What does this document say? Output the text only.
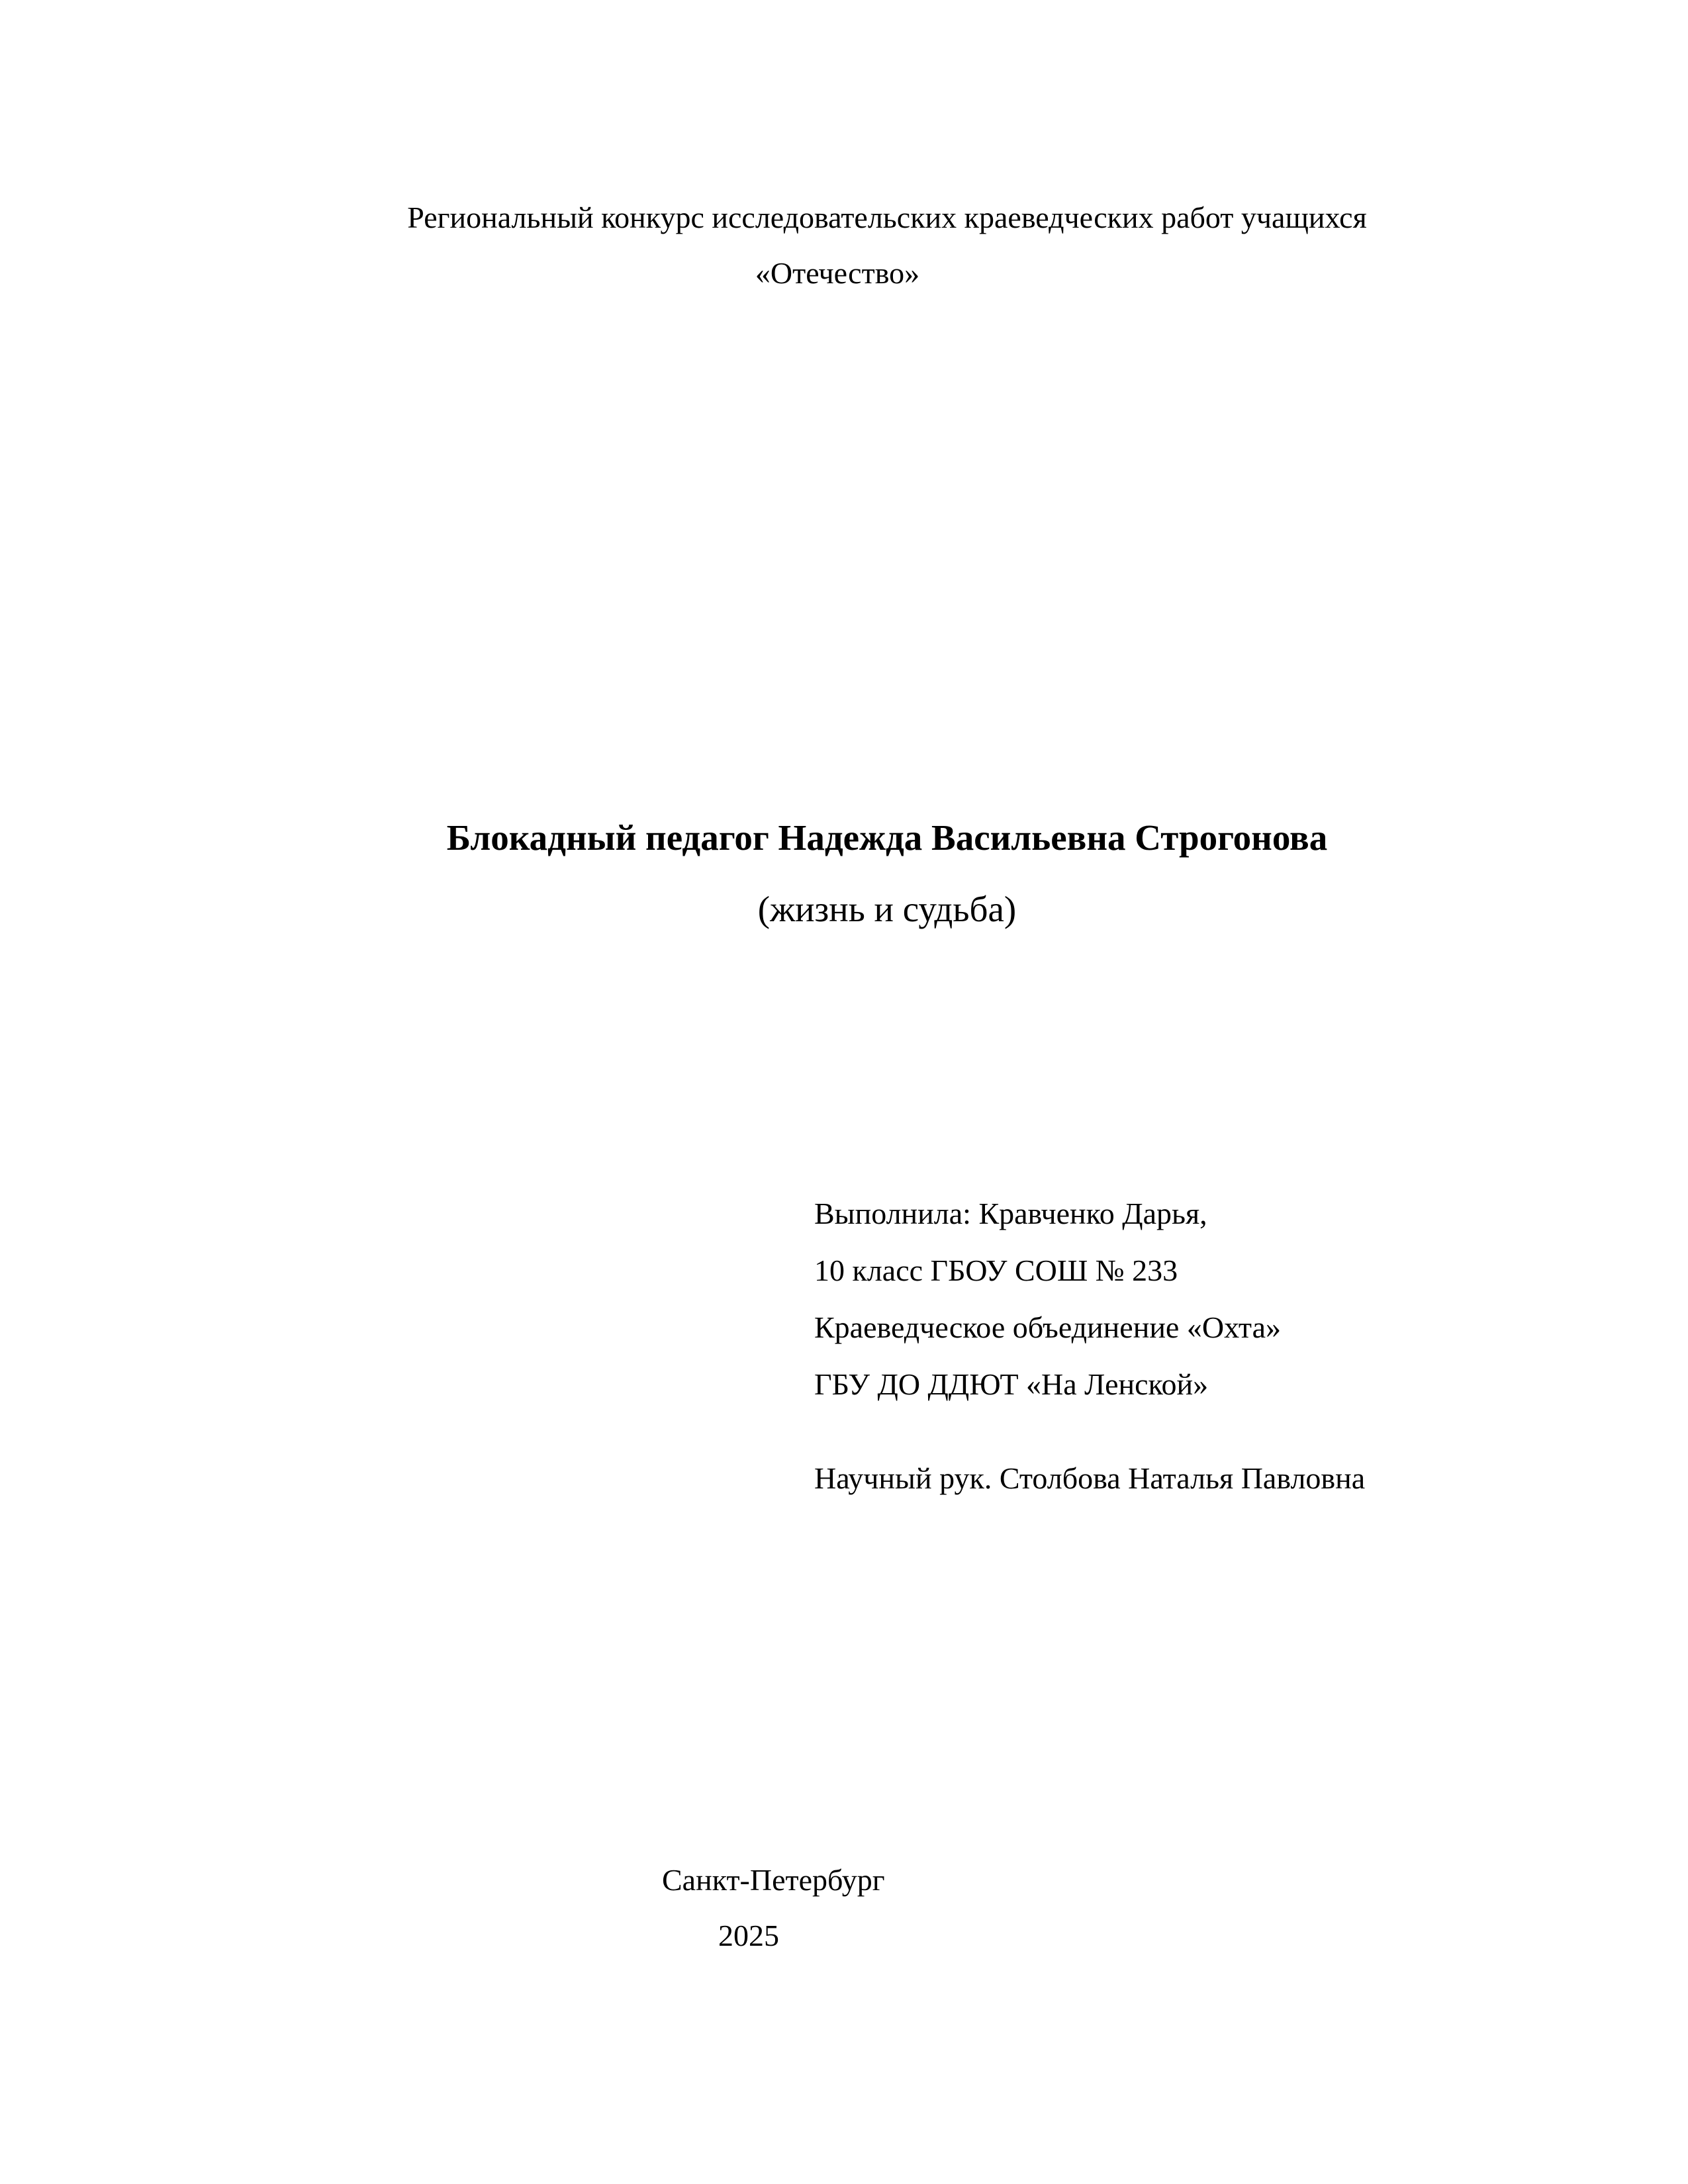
Региональный конкурс исследовательских краеведческих работ учащихся
«Отечество»
Блокадный педагог Надежда Васильевна Строгонова
(жизнь и судьба)
Выполнила: Кравченко Дарья,
10 класс ГБОУ СОШ № 233
Краеведческое объединение «Охта»
ГБУ ДО ДДЮТ «На Ленской»
Научный рук. Столбова Наталья Павловна
Санкт-Петербург
2025
